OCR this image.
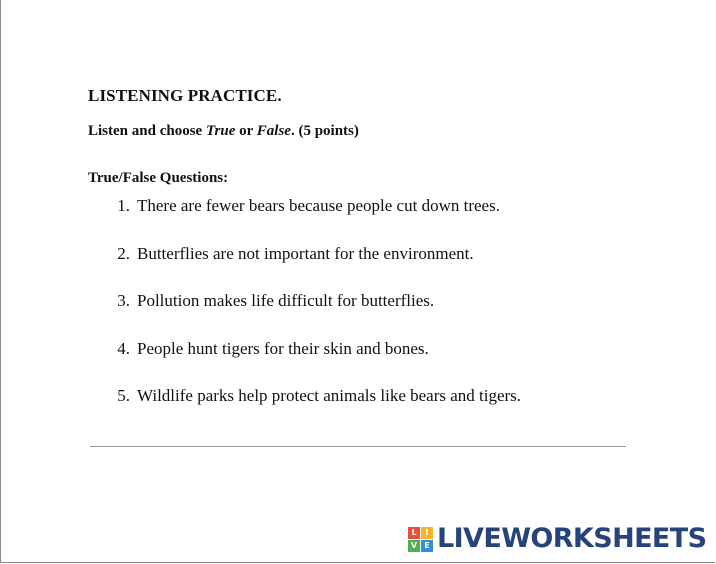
LISTENING PRACTICE.
Listen and choose True or False. (5 points)
True/False Questions:
1. There are fewer bears because people cut down trees.
2. Butterflies are not important for the environment.
3. Pollution makes life difficult for butterflies.
4. People hunt tigers for their skin and bones.
5. Wildlife parks help protect animals like bears and tigers.
L	I
V E LIVEWORKSHEETS
